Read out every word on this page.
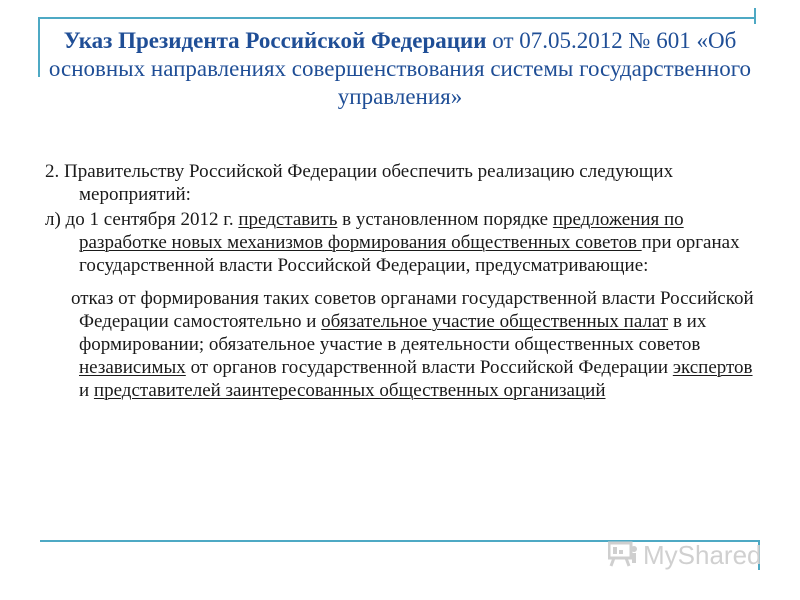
Указ Президента Российской Федерации от 07.05.2012 № 601 «Об основных направлениях совершенствования системы государственного управления»

2. Правительству Российской Федерации обеспечить реализацию следующих мероприятий:

л) до 1 сентября 2012 г. представить в установленном порядке предложения по разработке новых механизмов формирования общественных советов при органах государственной власти Российской Федерации, предусматривающие:

отказ от формирования таких советов органами государственной власти Российской Федерации самостоятельно и обязательное участие общественных палат в их формировании; обязательное участие в деятельности общественных советов независимых от органов государственной власти Российской Федерации экспертов и представителей заинтересованных общественных организаций

MyShared
